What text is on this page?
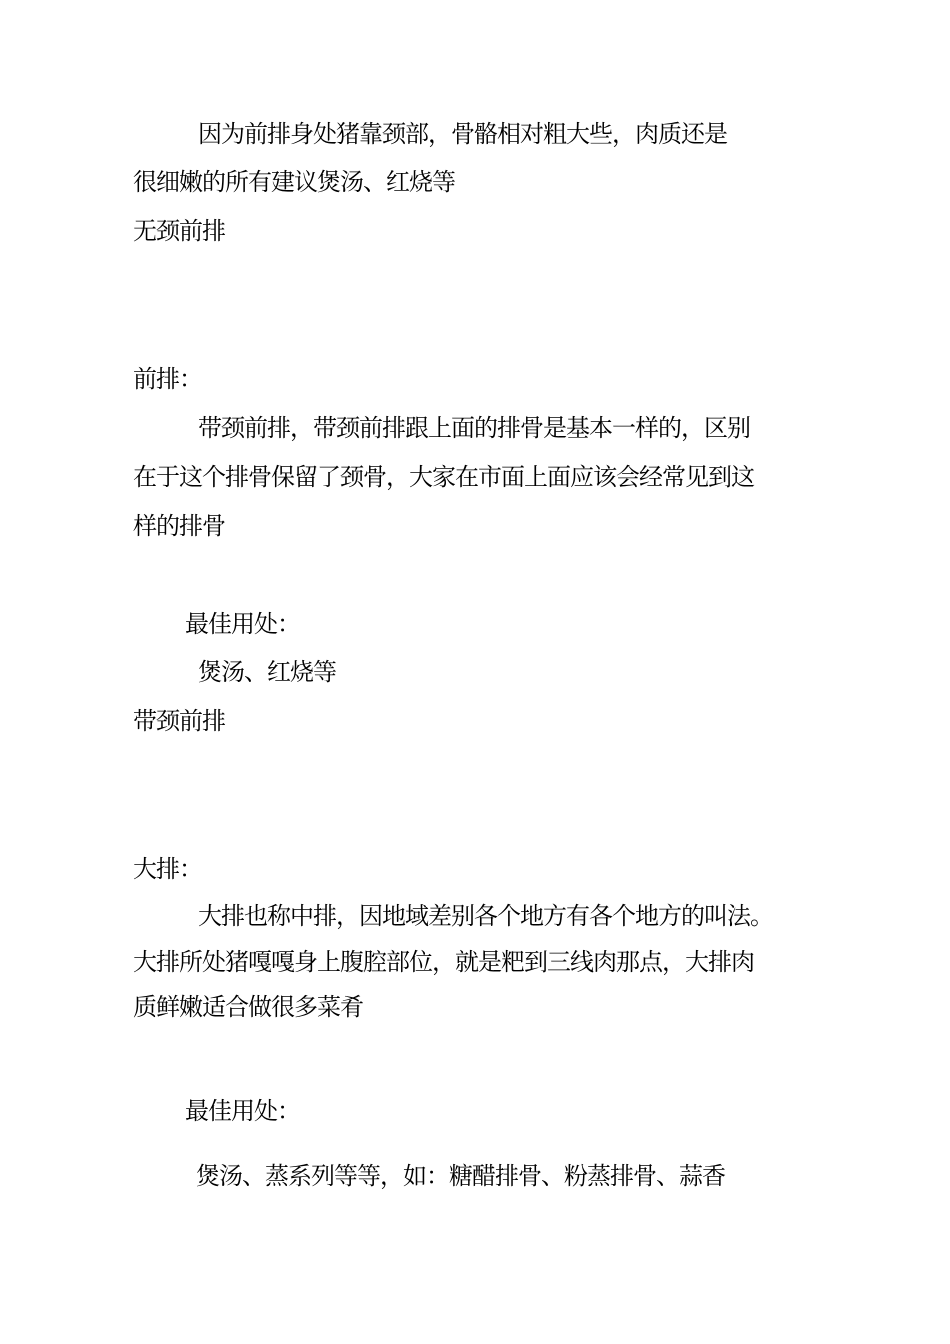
因为前排身处猪靠颈部，骨骼相对粗大些，肉质还是
很细嫩的所有建议煲汤、红烧等
无颈前排
前排：
带颈前排，带颈前排跟上面的排骨是基本一样的，区别
在于这个排骨保留了颈骨，大家在市面上面应该会经常见到这
样的排骨
最佳用处：
煲汤、红烧等
带颈前排
大排：
大排也称中排，因地域差别各个地方有各个地方的叫法。
大排所处猪嘎嘎身上腹腔部位，就是粑到三线肉那点，大排肉
质鲜嫩适合做很多菜肴
最佳用处：
煲汤、蒸系列等等，如：糖醋排骨、粉蒸排骨、蒜香
